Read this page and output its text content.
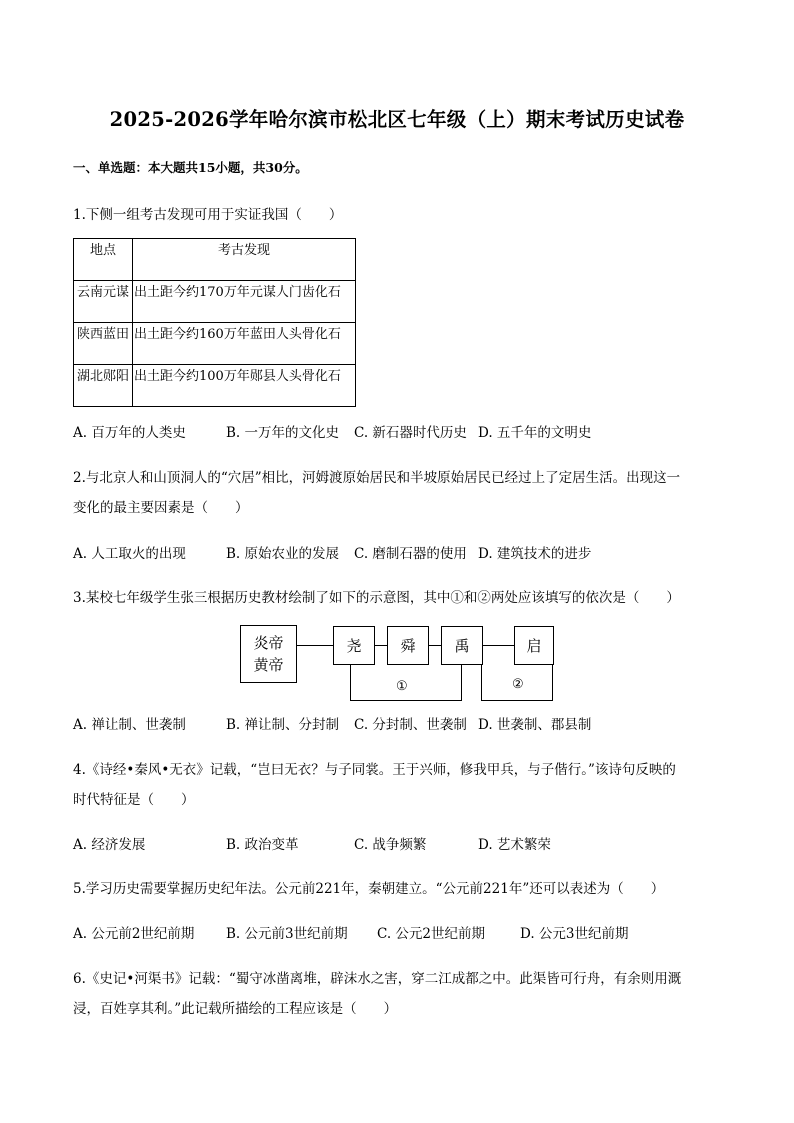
2025-2026学年哈尔滨市松北区七年级（上）期末考试历史试卷
一、单选题：本大题共15小题，共30分。
1.下侧一组考古发现可用于实证我国（　　）
地点	考古发现
云南元谋	出土距今约170万年元谋人门齿化石
陕西蓝田	出土距今约160万年蓝田人头骨化石
湖北郧阳	出土距今约100万年郧县人头骨化石
A. 百万年的人类史	B. 一万年的文化史 C. 新石器时代历史 D. 五千年的文明史
2.与北京人和山顶洞人的“穴居”相比，河姆渡原始居民和半坡原始居民已经过上了定居生活。出现这一
变化的最主要因素是（　　）
A. 人工取火的出现	B. 原始农业的发展 C. 磨制石器的使用 D. 建筑技术的进步
3.某校七年级学生张三根据历史教材绘制了如下的示意图，其中①和②两处应该填写的依次是（　　）
炎帝
黄帝
尧	舜	禹	启
①	②
A. 禅让制、世袭制	B. 禅让制、分封制 C. 分封制、世袭制 D. 世袭制、郡县制
4.《诗经•秦风•无衣》记载，“岂曰无衣？与子同裳。王于兴师，修我甲兵，与子偕行。”该诗句反映的
时代特征是（　　）
A. 经济发展	B. 政治变革	C. 战争频繁	D. 艺术繁荣
5.学习历史需要掌握历史纪年法。公元前221年，秦朝建立。“公元前221年”还可以表述为（　　）
A. 公元前2世纪前期 B. 公元前3世纪前期 C. 公元2世纪前期	D. 公元3世纪前期
6.《史记•河渠书》记载：“蜀守冰凿离堆，辟沫水之害，穿二江成都之中。此渠皆可行舟，有余则用溉
浸，百姓享其利。”此记载所描绘的工程应该是（　　）
